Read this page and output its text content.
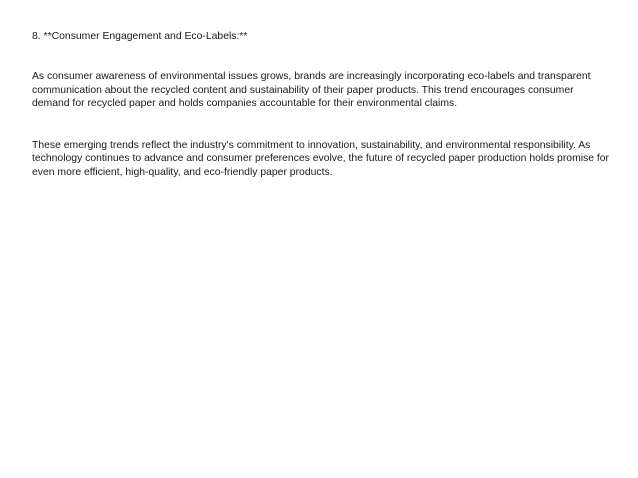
8. **Consumer Engagement and Eco-Labels:**

As consumer awareness of environmental issues grows, brands are increasingly incorporating eco-labels and transparent communication about the recycled content and sustainability of their paper products. This trend encourages consumer demand for recycled paper and holds companies accountable for their environmental claims.

These emerging trends reflect the industry's commitment to innovation, sustainability, and environmental responsibility. As technology continues to advance and consumer preferences evolve, the future of recycled paper production holds promise for even more efficient, high-quality, and eco-friendly paper products.
